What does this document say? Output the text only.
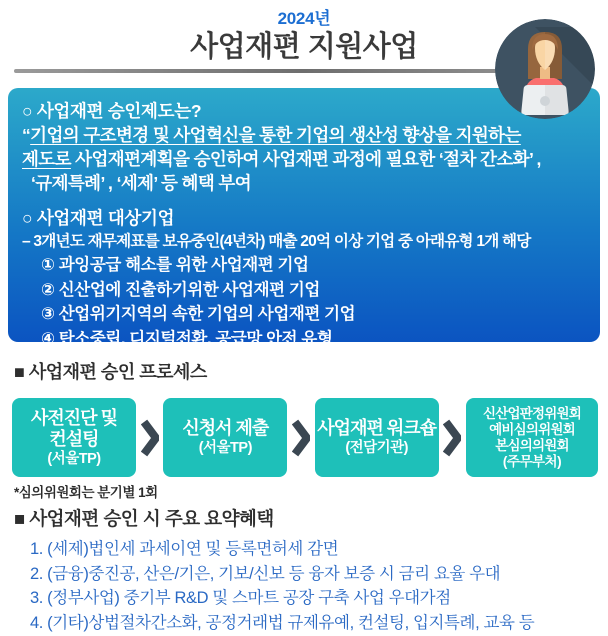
2024년
사업재편 지원사업
○ 사업재편 승인제도는?
“기업의 구조변경 및 사업혁신을 통한 기업의 생산성 향상을 지원하는
제도로 사업재편계획을 승인하여 사업재편 과정에 필요한 ‘절차 간소화’ ,
‘규제특례’ , ‘세제’ 등 혜택 부여
○ 사업재편 대상기업
– 3개년도 재무제표를 보유중인(4년차) 매출 20억 이상 기업 중 아래유형 1개 해당
① 과잉공급 해소를 위한 사업재편 기업
② 신산업에 진출하기위한 사업재편 기업
③ 산업위기지역의 속한 기업의 사업재편 기업
④ 탄소중립, 디지털전환, 공급망 안전 유형
■ 사업재편 승인 프로세스
사전진단 및
컨설팅
(서울TP)
신청서 제출
(서울TP)
사업재편 워크숍
(전담기관)
신산업판정위원회
예비심의위원회
본심의의원회
(주무부처)
*심의위원회는 분기별 1회
■ 사업재편 승인 시 주요 요약혜택
1. (세제)법인세 과세이연 및 등록면허세 감면
2. (금융)중진공, 산은/기은, 기보/신보 등 융자 보증 시 금리 요율 우대
3. (정부사업) 중기부 R&D 및 스마트 공장 구축 사업 우대가점
4. (기타)상법절차간소화, 공정거래법 규제유예, 컨설팅, 입지특례, 교육 등
